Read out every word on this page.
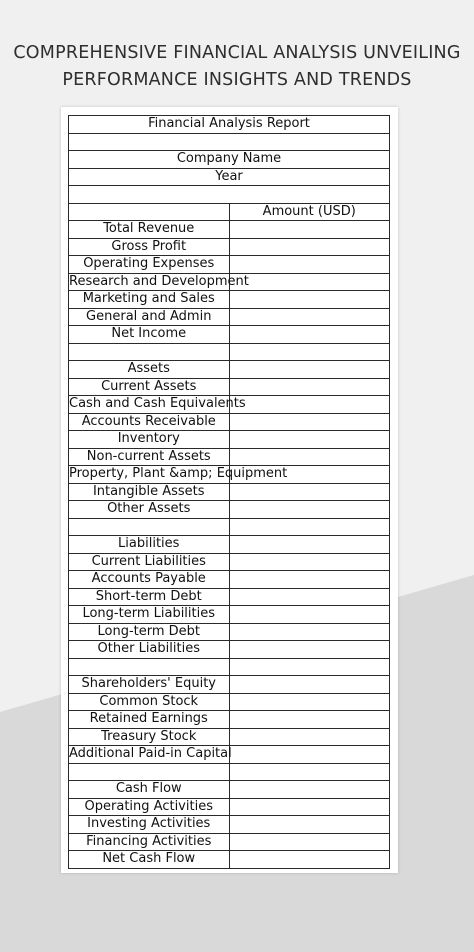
COMPREHENSIVE FINANCIAL ANALYSIS UNVEILING
PERFORMANCE INSIGHTS AND TRENDS
Financial Analysis Report	

Company Name	
Year	

	Amount (USD)
Total Revenue	
Gross Profit	
Operating Expenses	
Research and Development	
Marketing and Sales	
General and Admin	
Net Income	

Assets	
Current Assets	
Cash and Cash Equivalents	
Accounts Receivable	
Inventory	
Non-current Assets	
Property, Plant &amp; Equipment	
Intangible Assets	
Other Assets	

Liabilities	
Current Liabilities	
Accounts Payable	
Short-term Debt	
Long-term Liabilities	
Long-term Debt	
Other Liabilities	

Shareholders' Equity	
Common Stock	
Retained Earnings	
Treasury Stock	
Additional Paid-in Capital	

Cash Flow	
Operating Activities	
Investing Activities	
Financing Activities	
Net Cash Flow	
